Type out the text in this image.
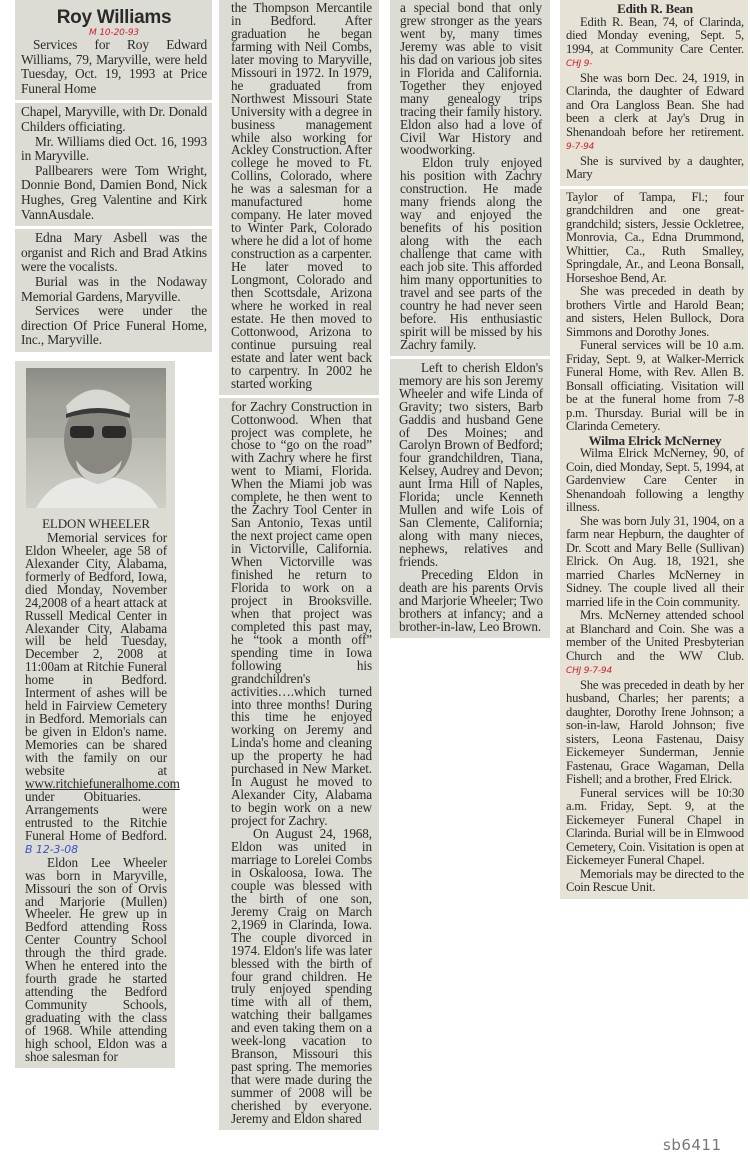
Roy Williams
M 10-20-93

Services for Roy Edward Williams, 79, Maryville, were held Tuesday, Oct. 19, 1993 at Price Funeral Home

Chapel, Maryville, with Dr. Donald Childers officiating.

Mr. Williams died Oct. 16, 1993 in Maryville.

Pallbearers were Tom Wright, Donnie Bond, Damien Bond, Nick Hughes, Greg Valentine and Kirk VannAusdale.

Edna Mary Asbell was the organist and Rich and Brad Atkins were the vocalists.

Burial was in the Nodaway Memorial Gardens, Maryville.

Services were under the direction Of Price Funeral Home, Inc., Maryville.

ELDON WHEELER

Memorial services for Eldon Wheeler, age 58 of Alexander City, Alabama, formerly of Bedford, Iowa, died Monday, November 24,2008 of a heart attack at Russell Medical Center in Alexander City, Alabama will be held Tuesday, December 2, 2008 at 11:00am at Ritchie Funeral home in Bedford. Interment of ashes will be held in Fairview Cemetery in Bedford. Memorials can be given in Eldon's name. Memories can be shared with the family on our website at www.ritchiefuneralhome.com under Obituaries. Arrangements were entrusted to the Ritchie Funeral Home of Bedford. B 12-3-08

Eldon Lee Wheeler was born in Maryville, Missouri the son of Orvis and Marjorie (Mullen) Wheeler. He grew up in Bedford attending Ross Center Country School through the third grade. When he entered into the fourth grade he started attending the Bedford Community Schools, graduating with the class of 1968. While attending high school, Eldon was a shoe salesman for

the Thompson Mercantile in Bedford. After graduation he began farming with Neil Combs, later moving to Maryville, Missouri in 1972. In 1979, he graduated from Northwest Missouri State University with a degree in business management while also working for Ackley Construction. After college he moved to Ft. Collins, Colorado, where he was a salesman for a manufactured home company. He later moved to Winter Park, Colorado where he did a lot of home construction as a carpenter. He later moved to Longmont, Colorado and then Scottsdale, Arizona where he worked in real estate. He then moved to Cottonwood, Arizona to continue pursuing real estate and later went back to carpentry. In 2002 he started working

for Zachry Construction in Cottonwood. When that project was complete, he chose to “go on the road” with Zachry where he first went to Miami, Florida. When the Miami job was complete, he then went to the Zachry Tool Center in San Antonio, Texas until the next project came open in Victorville, California. When Victorville was finished he return to Florida to work on a project in Brooksville. when that project was completed this past may, he “took a month off” spending time in Iowa following his grandchildren's activities….which turned into three months! During this time he enjoyed working on Jeremy and Linda's home and cleaning up the property he had purchased in New Market. In August he moved to Alexander City, Alabama to begin work on a new project for Zachry.

On August 24, 1968, Eldon was united in marriage to Lorelei Combs in Oskaloosa, Iowa. The couple was blessed with the birth of one son, Jeremy Craig on March 2,1969 in Clarinda, Iowa. The couple divorced in 1974. Eldon's life was later blessed with the birth of four grand children. He truly enjoyed spending time with all of them, watching their ballgames and even taking them on a week-long vacation to Branson, Missouri this past spring. The memories that were made during the summer of 2008 will be cherished by everyone. Jeremy and Eldon shared

a special bond that only grew stronger as the years went by, many times Jeremy was able to visit his dad on various job sites in Florida and California. Together they enjoyed many genealogy trips tracing their family history. Eldon also had a love of Civil War History and woodworking.

Eldon truly enjoyed his position with Zachry construction. He made many friends along the way and enjoyed the benefits of his position along with the each challenge that came with each job site. This afforded him many opportunities to travel and see parts of the country he had never seen before. His enthusiastic spirit will be missed by his Zachry family.

Left to cherish Eldon's memory are his son Jeremy Wheeler and wife Linda of Gravity; two sisters, Barb Gaddis and husband Gene of Des Moines; and Carolyn Brown of Bedford; four grandchildren, Tiana, Kelsey, Audrey and Devon; aunt Irma Hill of Naples, Florida; uncle Kenneth Mullen and wife Lois of San Clemente, California; along with many nieces, nephews, relatives and friends.

Preceding Eldon in death are his parents Orvis and Marjorie Wheeler; Two brothers at infancy; and a brother-in-law, Leo Brown.

Edith R. Bean

Edith R. Bean, 74, of Clarinda, died Monday evening, Sept. 5, 1994, at Community Care Center. CHJ 9-

She was born Dec. 24, 1919, in Clarinda, the daughter of Edward and Ora Langloss Bean. She had been a clerk at Jay's Drug in Shenandoah before her retirement. 9-7-94

She is survived by a daughter, Mary

Taylor of Tampa, Fl.; four grandchildren and one great-grandchild; sisters, Jessie Ockletree, Monrovia, Ca., Edna Drummond, Whittier, Ca., Ruth Smalley, Springdale, Ar., and Leona Bonsall, Horseshoe Bend, Ar.

She was preceded in death by brothers Virtle and Harold Bean; and sisters, Helen Bullock, Dora Simmons and Dorothy Jones.

Funeral services will be 10 a.m. Friday, Sept. 9, at Walker-Merrick Funeral Home, with Rev. Allen B. Bonsall officiating. Visitation will be at the funeral home from 7-8 p.m. Thursday. Burial will be in Clarinda Cemetery.

Wilma Elrick McNerney

Wilma Elrick McNerney, 90, of Coin, died Monday, Sept. 5, 1994, at Gardenview Care Center in Shenandoah following a lengthy illness.

She was born July 31, 1904, on a farm near Hepburn, the daughter of Dr. Scott and Mary Belle (Sullivan) Elrick. On Aug. 18, 1921, she married Charles McNerney in Sidney. The couple lived all their married life in the Coin community.

Mrs. McNerney attended school at Blanchard and Coin. She was a member of the United Presbyterian Church and the WW Club. CHJ 9-7-94

She was preceded in death by her husband, Charles; her parents; a daughter, Dorothy Irene Johnson; a son-in-law, Harold Johnson; five sisters, Leona Fastenau, Daisy Eickemeyer Sunderman, Jennie Fastenau, Grace Wagaman, Della Fishell; and a brother, Fred Elrick.

Funeral services will be 10:30 a.m. Friday, Sept. 9, at the Eickemeyer Funeral Chapel in Clarinda. Burial will be in Elmwood Cemetery, Coin. Visitation is open at Eickemeyer Funeral Chapel.

Memorials may be directed to the Coin Rescue Unit.

sb6411
